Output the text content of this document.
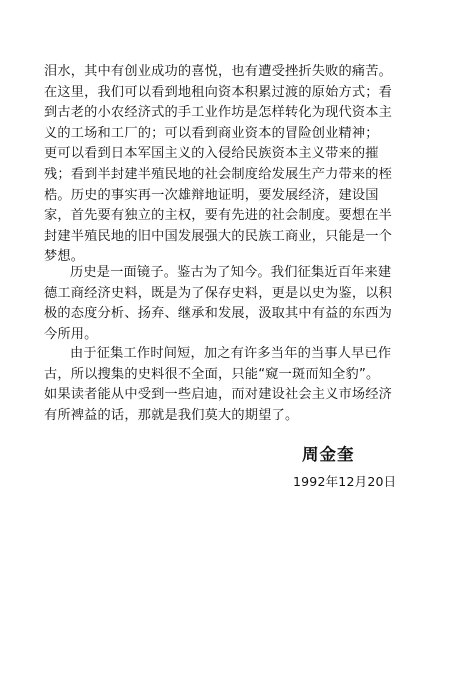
泪水，其中有创业成功的喜悦，也有遭受挫折失败的痛苦。
在这里，我们可以看到地租向资本积累过渡的原始方式；看
到古老的小农经济式的手工业作坊是怎样转化为现代资本主
义的工场和工厂的；可以看到商业资本的冒险创业精神；
更可以看到日本军国主义的入侵给民族资本主义带来的摧
残；看到半封建半殖民地的社会制度给发展生产力带来的桎
梏。历史的事实再一次雄辩地证明，要发展经济，建设国
家，首先要有独立的主权，要有先进的社会制度。要想在半
封建半殖民地的旧中国发展强大的民族工商业，只能是一个
梦想。
历史是一面镜子。鉴古为了知今。我们征集近百年来建
德工商经济史料，既是为了保存史料，更是以史为鉴，以积
极的态度分析、扬弃、继承和发展，汲取其中有益的东西为
今所用。
由于征集工作时间短，加之有许多当年的当事人早已作
古，所以搜集的史料很不全面，只能“窥一斑而知全豹”。
如果读者能从中受到一些启迪，而对建设社会主义市场经济
有所裨益的话，那就是我们莫大的期望了。
周金奎
1992年12月20日
